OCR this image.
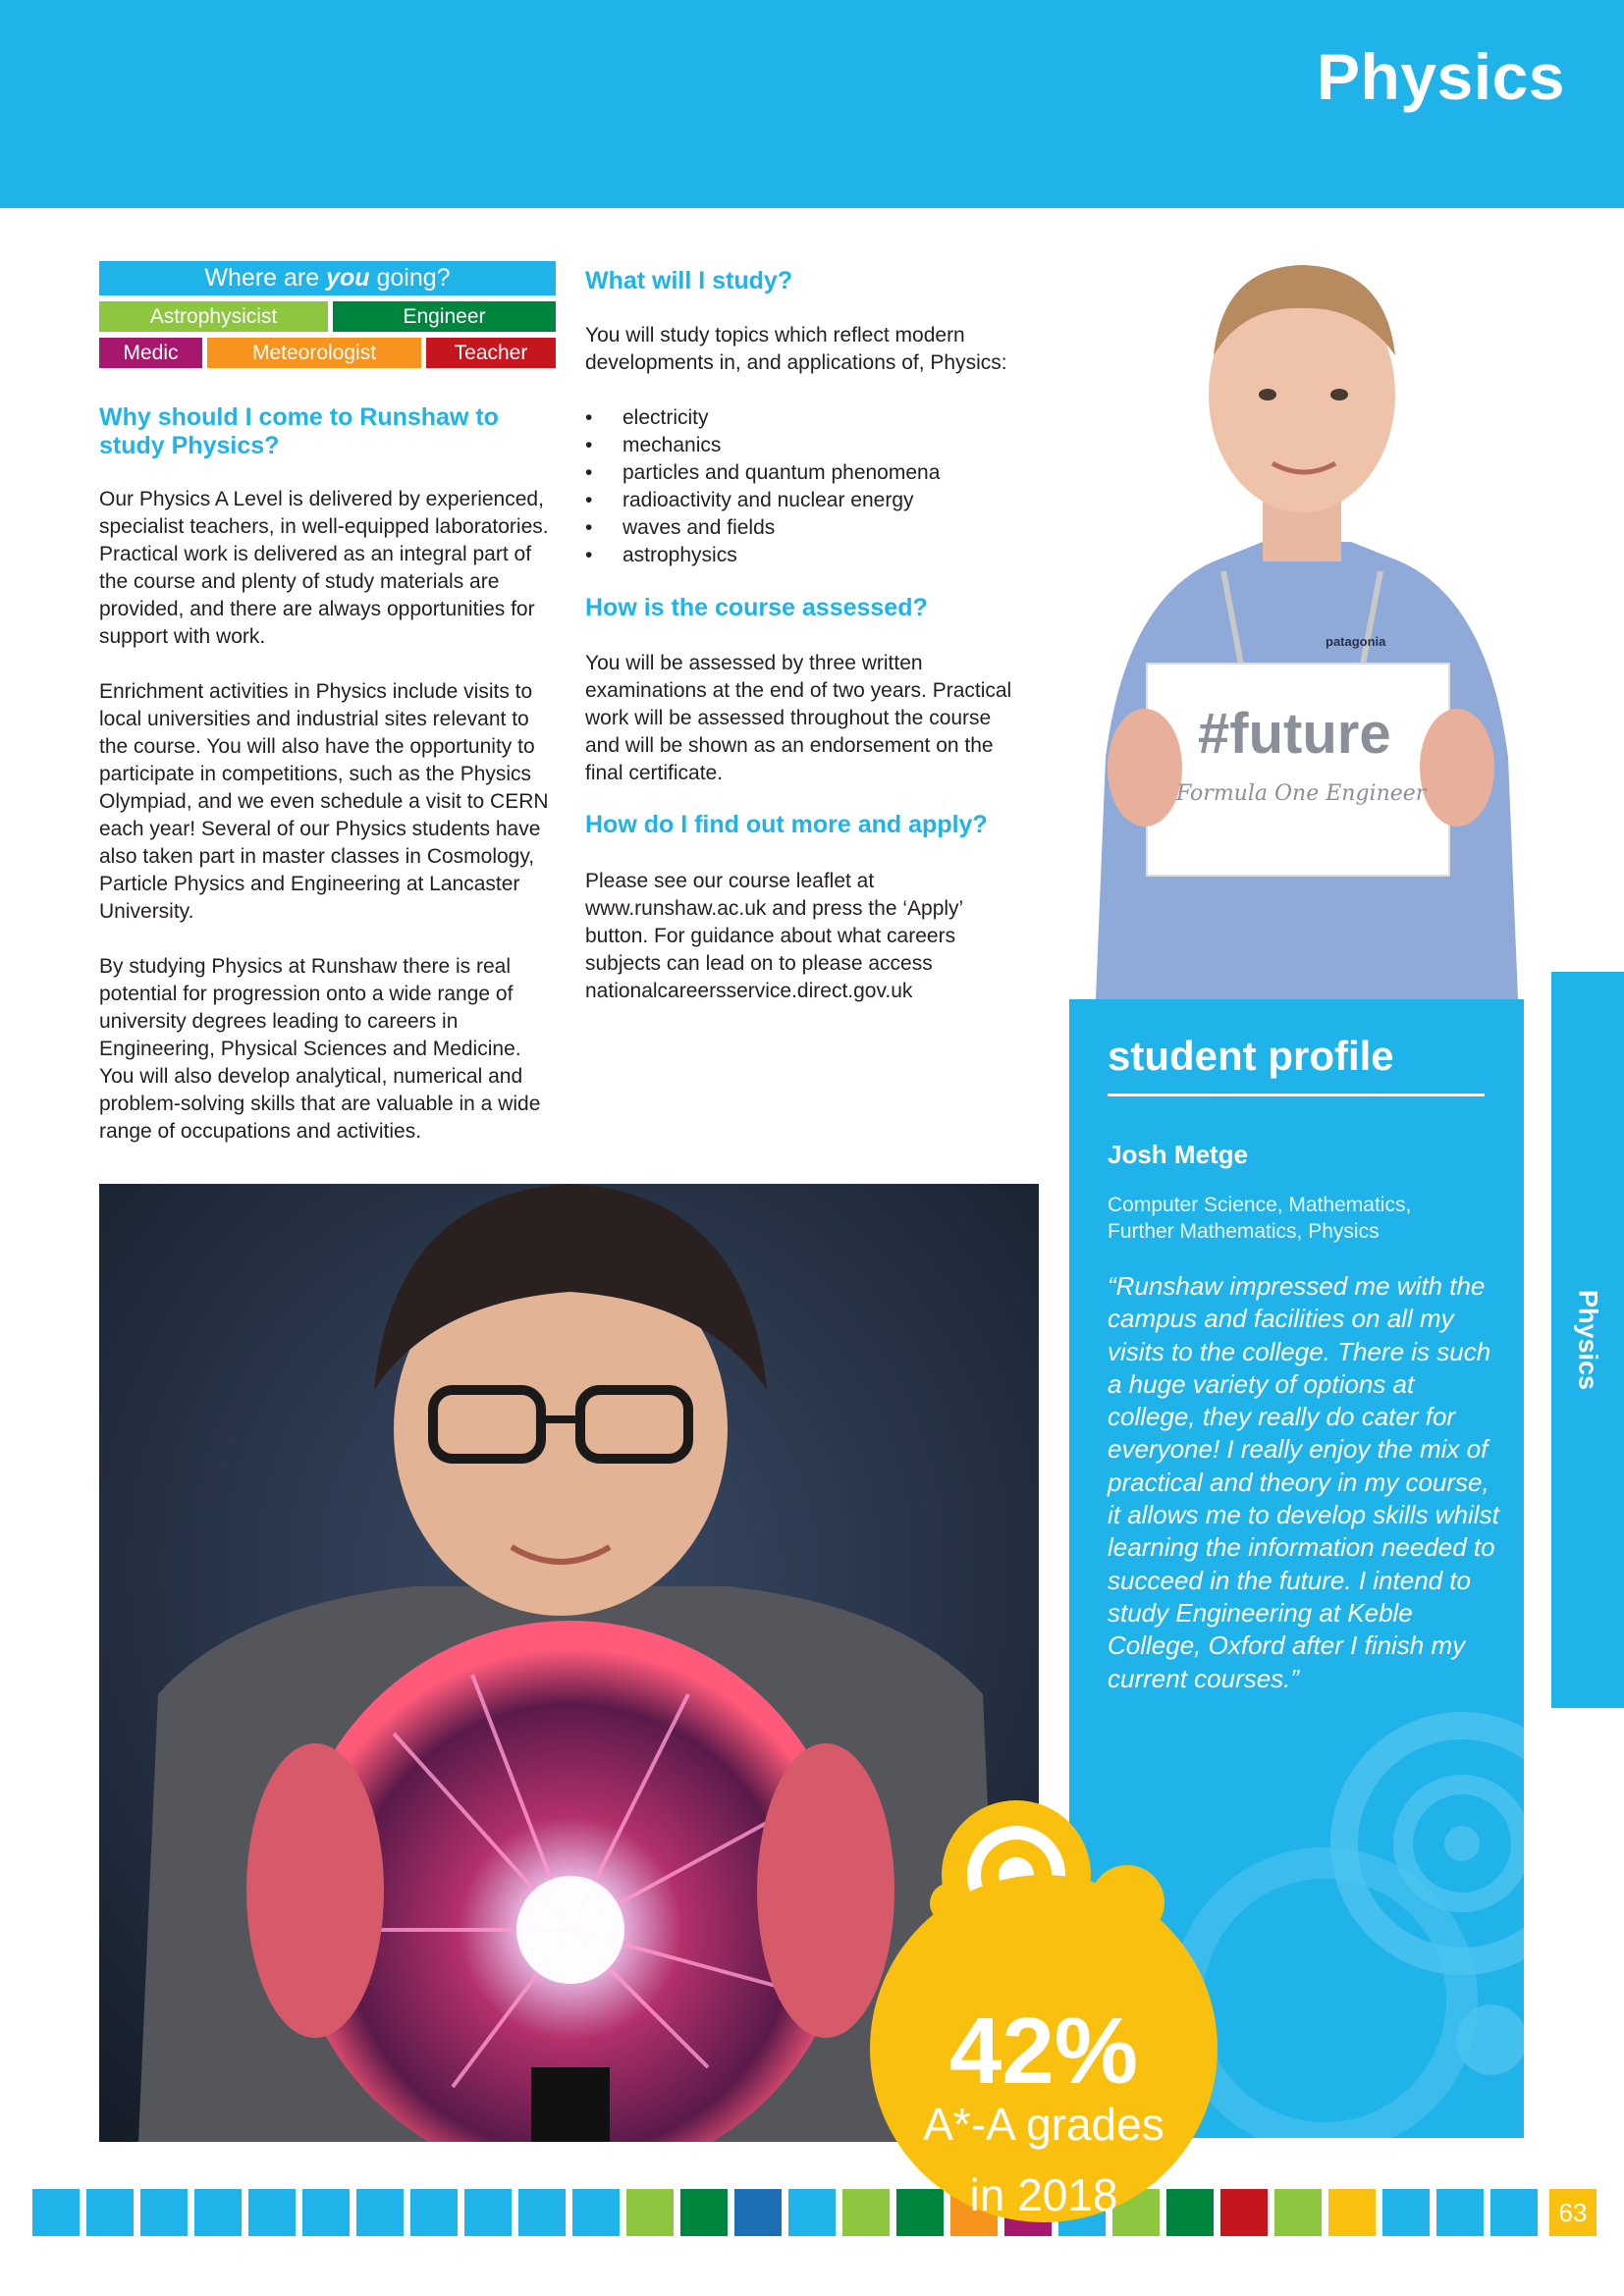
Physics
Where are you going?
Astrophysicist	Engineer
Medic	Meteorologist	Teacher
Why should I come to Runshaw to study Physics?

Our Physics A Level is delivered by experienced, specialist teachers, in well-equipped laboratories. Practical work is delivered as an integral part of the course and plenty of study materials are provided, and there are always opportunities for support with work.

Enrichment activities in Physics include visits to local universities and industrial sites relevant to the course. You will also have the opportunity to participate in competitions, such as the Physics Olympiad, and we even schedule a visit to CERN each year! Several of our Physics students have also taken part in master classes in Cosmology, Particle Physics and Engineering at Lancaster University.

By studying Physics at Runshaw there is real potential for progression onto a wide range of university degrees leading to careers in Engineering, Physical Sciences and Medicine. You will also develop analytical, numerical and problem-solving skills that are valuable in a wide range of occupations and activities.

What will I study?
You will study topics which reflect modern developments in, and applications of, Physics:
• electricity
• mechanics
• particles and quantum phenomena
• radioactivity and nuclear energy
• waves and fields
• astrophysics
How is the course assessed?
You will be assessed by three written examinations at the end of two years. Practical work will be assessed throughout the course and will be shown as an endorsement on the final certificate.
How do I find out more and apply?
Please see our course leaflet at www.runshaw.ac.uk and press the ‘Apply’ button. For guidance about what careers subjects can lead on to please access nationalcareersservice.direct.gov.uk
#future
Formula One Engineer
patagonia
Physics
student profile
Josh Metge
Computer Science, Mathematics, Further Mathematics, Physics
“Runshaw impressed me with the campus and facilities on all my visits to the college. There is such a huge variety of options at college, they really do cater for everyone! I really enjoy the mix of practical and theory in my course, it allows me to develop skills whilst learning the information needed to succeed in the future. I intend to study Engineering at Keble College, Oxford after I finish my current courses.”
63
42%
A*-A grades
in 2018
